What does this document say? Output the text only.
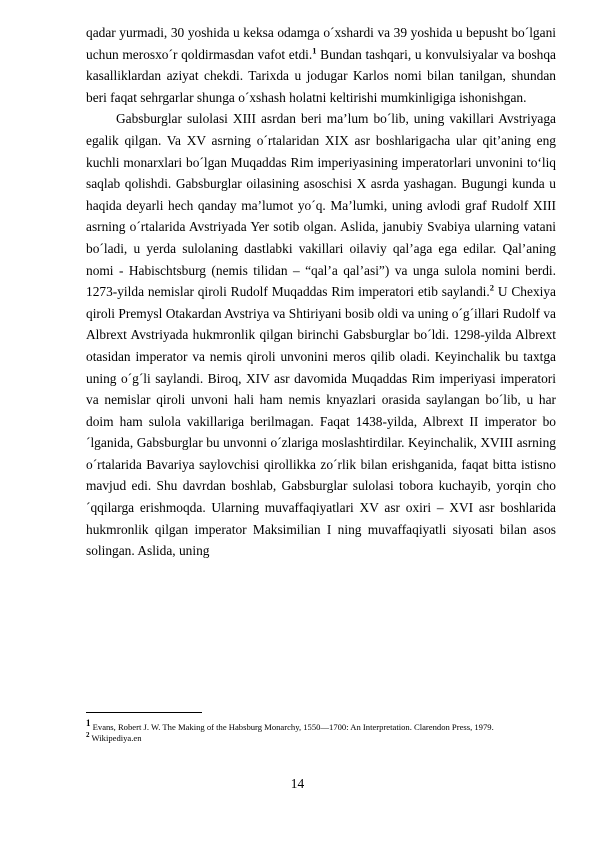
qadar yurmadi, 30 yoshida u keksa odamga o´xshardi va 39 yoshida u bepusht bo´lgani uchun merosxo´r qoldirmasdan vafot etdi.$^1$ Bundan tashqari, u konvulsiyalar va boshqa kasalliklardan aziyat chekdi. Tarixda u jodugar Karlos nomi bilan tanilgan, shundan beri faqat sehrgarlar shunga o´xshash holatni keltirishi mumkinligiga ishonishgan.

Gabsburglar sulolasi XIII asrdan beri ma’lum bo´lib, uning vakillari Avstriyaga egalik qilgan. Va XV asrning o´rtalaridan XIX asr boshlarigacha ular qit’aning eng kuchli monarxlari bo´lgan Muqaddas Rim imperiyasining imperatorlari unvonini to‘liq saqlab qolishdi. Gabsburglar oilasining asoschisi X asrda yashagan. Bugungi kunda u haqida deyarli hech qanday ma’lumot yo´q. Ma’lumki, uning avlodi graf Rudolf XIII asrning o´rtalarida Avstriyada Yer sotib olgan. Aslida, janubiy Svabiya ularning vatani bo´ladi, u yerda sulolaning dastlabki vakillari oilaviy qal’aga ega edilar. Qal’aning nomi - Habischtsburg (nemis tilidan – “qal’a qal’asi”) va unga sulola nomini berdi. 1273-yilda nemislar qiroli Rudolf Muqaddas Rim imperatori etib saylandi.$^2$ U Chexiya qiroli Premysl Otakardan Avstriya va Shtiriyani bosib oldi va uning o´g´illari Rudolf va Albrext Avstriyada hukmronlik qilgan birinchi Gabsburglar bo´ldi. 1298-yilda Albrext otasidan imperator va nemis qiroli unvonini meros qilib oladi. Keyinchalik bu taxtga uning o´g´li saylandi. Biroq, XIV asr davomida Muqaddas Rim imperiyasi imperatori va nemislar qiroli unvoni hali ham nemis knyazlari orasida saylangan bo´lib, u har doim ham sulola vakillariga berilmagan. Faqat 1438-yilda, Albrext II imperator bo´lganida, Gabsburglar bu unvonni o´zlariga moslashtirdilar. Keyinchalik, XVIII asrning o´rtalarida Bavariya saylovchisi qirollikka zo´rlik bilan erishganida, faqat bitta istisno mavjud edi. Shu davrdan boshlab, Gabsburglar sulolasi tobora kuchayib, yorqin cho´qqilarga erishmoqda. Ularning muvaffaqiyatlari XV asr oxiri – XVI asr boshlarida hukmronlik qilgan imperator Maksimilian I ning muvaffaqiyatli siyosati bilan asos solingan. Aslida, uning

$^1$ Evans, Robert J. W. The Making of the Habsburg Monarchy, 1550—1700: An Interpretation. Clarendon Press, 1979.
$^2$ Wikipediya.en
14
